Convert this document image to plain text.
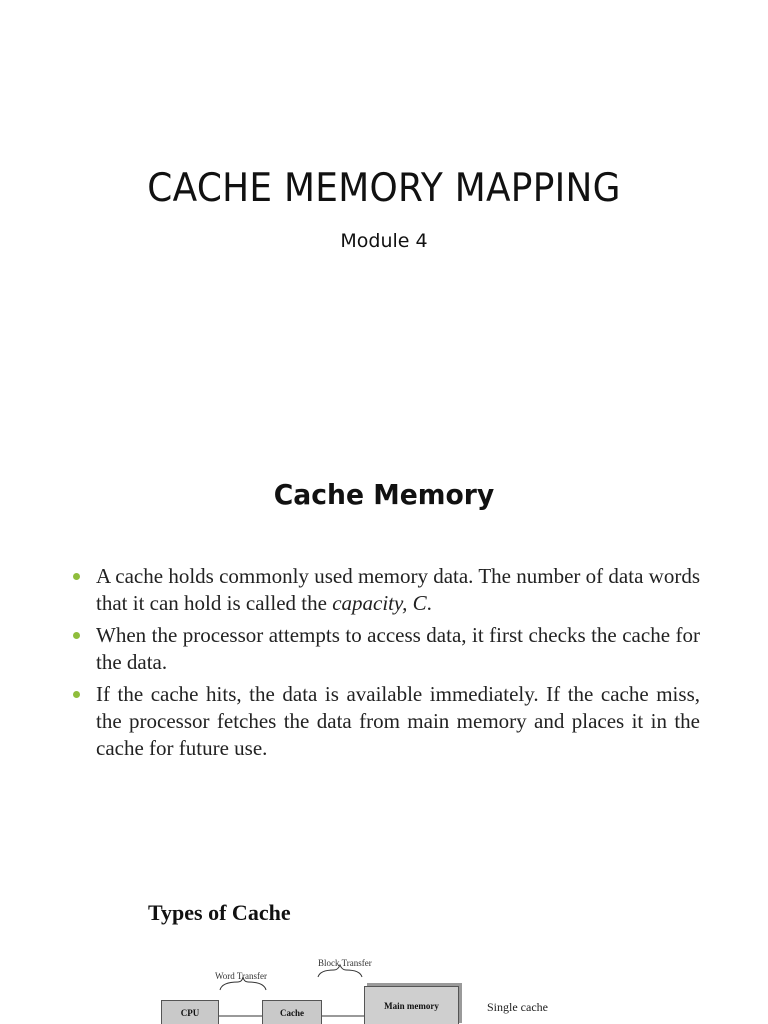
CACHE MEMORY MAPPING
Module 4
Cache Memory
A cache holds commonly used memory data. The number of data words that it can hold is called the capacity, C.
When the processor attempts to access data, it first checks the cache for the data.
If the cache hits, the data is available immediately. If the cache miss, the processor fetches the data from main memory and places it in the cache for future use.
Types of Cache
Word Transfer
Block Transfer
CPU	Cache
Main memory	Single cache
